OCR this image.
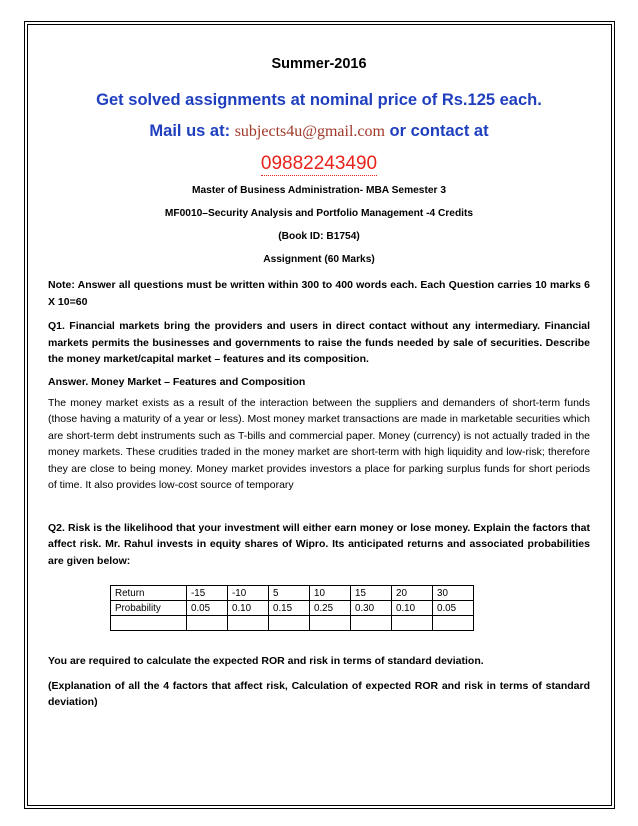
Summer-2016

Get solved assignments at nominal price of Rs.125 each.

Mail us at: subjects4u@gmail.com or contact at

09882243490

Master of Business Administration- MBA Semester 3

MF0010–Security Analysis and Portfolio Management -4 Credits

(Book ID: B1754)

Assignment (60 Marks)

Note: Answer all questions must be written within 300 to 400 words each. Each Question carries 10 marks 6 X 10=60

Q1. Financial markets bring the providers and users in direct contact without any intermediary. Financial markets permits the businesses and governments to raise the funds needed by sale of securities. Describe the money market/capital market – features and its composition.

Answer. Money Market – Features and Composition

The money market exists as a result of the interaction between the suppliers and demanders of short-term funds (those having a maturity of a year or less). Most money market transactions are made in marketable securities which are short-term debt instruments such as T-bills and commercial paper. Money (currency) is not actually traded in the money markets. These crudities traded in the money market are short-term with high liquidity and low-risk; therefore they are close to being money. Money market provides investors a place for parking surplus funds for short periods of time. It also provides low-cost source of temporary

Q2. Risk is the likelihood that your investment will either earn money or lose money. Explain the factors that affect risk. Mr. Rahul invests in equity shares of Wipro. Its anticipated returns and associated probabilities are given below:

Return	-15	-10	5	10	15	20	30
Probability	0.05	0.10	0.15	0.25	0.30	0.10	0.05

You are required to calculate the expected ROR and risk in terms of standard deviation.

(Explanation of all the 4 factors that affect risk, Calculation of expected ROR and risk in terms of standard deviation)
